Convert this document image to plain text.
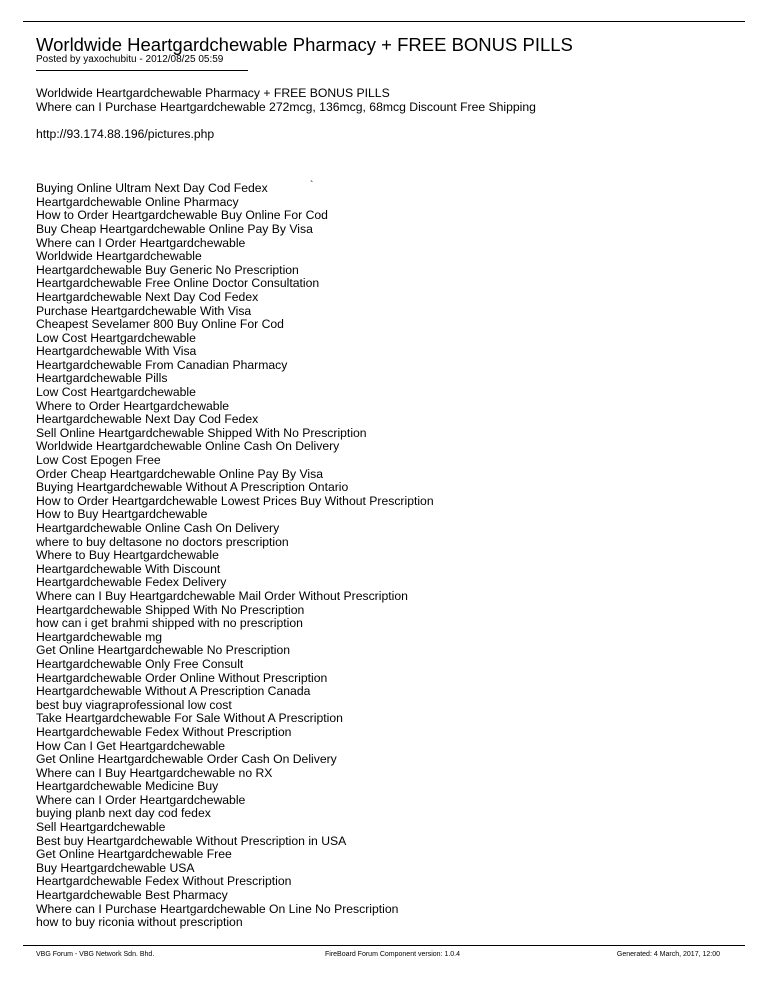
Worldwide Heartgardchewable Pharmacy + FREE BONUS PILLS
Posted by yaxochubitu - 2012/08/25 05:59
Worldwide Heartgardchewable Pharmacy + FREE BONUS PILLS
Where can I Purchase Heartgardchewable 272mcg, 136mcg, 68mcg Discount Free Shipping
http://93.174.88.196/pictures.php
Buying Online Ultram Next Day Cod Fedex
Heartgardchewable Online Pharmacy
How to Order Heartgardchewable Buy Online For Cod
Buy Cheap Heartgardchewable Online Pay By Visa
Where can I Order Heartgardchewable
Worldwide Heartgardchewable
Heartgardchewable Buy Generic No Prescription
Heartgardchewable Free Online Doctor Consultation
Heartgardchewable Next Day Cod Fedex
Purchase Heartgardchewable With Visa
Cheapest Sevelamer 800 Buy Online For Cod
Low Cost Heartgardchewable
Heartgardchewable With Visa
Heartgardchewable From Canadian Pharmacy
Heartgardchewable Pills
Low Cost Heartgardchewable
Where to Order Heartgardchewable
Heartgardchewable Next Day Cod Fedex
Sell Online Heartgardchewable Shipped With No Prescription
Worldwide Heartgardchewable Online Cash On Delivery
Low Cost Epogen Free
Order Cheap Heartgardchewable Online Pay By Visa
Buying Heartgardchewable Without A Prescription Ontario
How to Order Heartgardchewable Lowest Prices Buy Without Prescription
How to Buy Heartgardchewable
Heartgardchewable Online Cash On Delivery
where to buy deltasone no doctors prescription
Where to Buy Heartgardchewable
Heartgardchewable With Discount
Heartgardchewable Fedex Delivery
Where can I Buy Heartgardchewable Mail Order Without Prescription
Heartgardchewable Shipped With No Prescription
how can i get brahmi shipped with no prescription
Heartgardchewable mg
Get Online Heartgardchewable No Prescription
Heartgardchewable Only Free Consult
Heartgardchewable Order Online Without Prescription
Heartgardchewable Without A Prescription Canada
best buy viagraprofessional low cost
Take Heartgardchewable For Sale Without A Prescription
Heartgardchewable Fedex Without Prescription
How Can I Get Heartgardchewable
Get Online Heartgardchewable Order Cash On Delivery
Where can I Buy Heartgardchewable no RX
Heartgardchewable Medicine Buy
Where can I Order Heartgardchewable
buying planb next day cod fedex
Sell Heartgardchewable
Best buy Heartgardchewable Without Prescription in USA
Get Online Heartgardchewable Free
Buy Heartgardchewable USA
Heartgardchewable Fedex Without Prescription
Heartgardchewable Best Pharmacy
Where can I Purchase Heartgardchewable On Line No Prescription
how to buy riconia without prescription
`
VBG Forum - VBG Network Sdn. Bhd.	FireBoard Forum Component version: 1.0.4	Generated: 4 March, 2017, 12:00
